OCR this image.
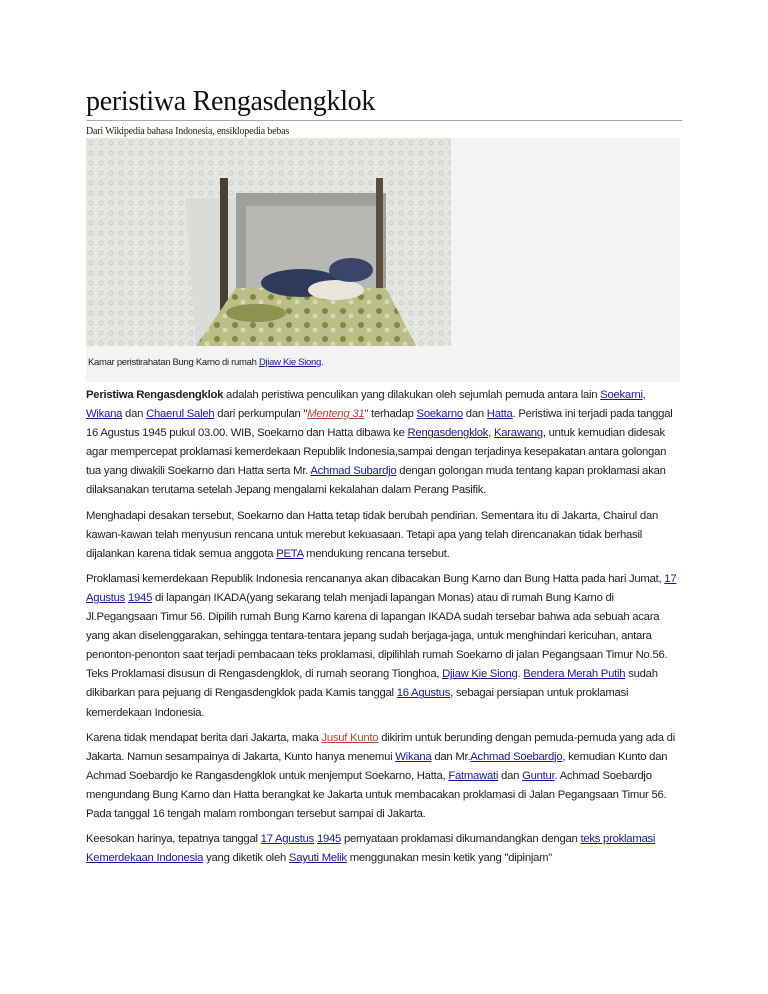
peristiwa Rengasdengklok
Dari Wikipedia bahasa Indonesia, ensiklopedia bebas
Kamar peristirahatan Bung Karno di rumah Djiaw Kie Siong.

Peristiwa Rengasdengklok adalah peristiwa penculikan yang dilakukan oleh sejumlah pemuda antara lain Soekarni, Wikana dan Chaerul Saleh dari perkumpulan "Menteng 31" terhadap Soekarno dan Hatta. Peristiwa ini terjadi pada tanggal 16 Agustus 1945 pukul 03.00. WIB, Soekarno dan Hatta dibawa ke Rengasdengklok, Karawang, untuk kemudian didesak agar mempercepat proklamasi kemerdekaan Republik Indonesia,sampai dengan terjadinya kesepakatan antara golongan tua yang diwakili Soekarno dan Hatta serta Mr. Achmad Subardjo dengan golongan muda tentang kapan proklamasi akan dilaksanakan terutama setelah Jepang mengalami kekalahan dalam Perang Pasifik.

Menghadapi desakan tersebut, Soekarno dan Hatta tetap tidak berubah pendirian. Sementara itu di Jakarta, Chairul dan kawan-kawan telah menyusun rencana untuk merebut kekuasaan. Tetapi apa yang telah direncanakan tidak berhasil dijalankan karena tidak semua anggota PETA mendukung rencana tersebut.

Proklamasi kemerdekaan Republik Indonesia rencananya akan dibacakan Bung Karno dan Bung Hatta pada hari Jumat, 17 Agustus 1945 di lapangan IKADA(yang sekarang telah menjadi lapangan Monas) atau di rumah Bung Karno di Jl.Pegangsaan Timur 56. Dipilih rumah Bung Karno karena di lapangan IKADA sudah tersebar bahwa ada sebuah acara yang akan diselenggarakan, sehingga tentara-tentara jepang sudah berjaga-jaga, untuk menghindari kericuhan, antara penonton-penonton saat terjadi pembacaan teks proklamasi, dipilihlah rumah Soekarno di jalan Pegangsaan Timur No.56. Teks Proklamasi disusun di Rengasdengklok, di rumah seorang Tionghoa, Djiaw Kie Siong. Bendera Merah Putih sudah dikibarkan para pejuang di Rengasdengklok pada Kamis tanggal 16 Agustus, sebagai persiapan untuk proklamasi kemerdekaan Indonesia.

Karena tidak mendapat berita dari Jakarta, maka Jusuf Kunto dikirim untuk berunding dengan pemuda-pemuda yang ada di Jakarta. Namun sesampainya di Jakarta, Kunto hanya menemui Wikana dan Mr.Achmad Soebardjo, kemudian Kunto dan Achmad Soebardjo ke Rangasdengklok untuk menjemput Soekarno, Hatta, Fatmawati dan Guntur. Achmad Soebardjo mengundang Bung Karno dan Hatta berangkat ke Jakarta untuk membacakan proklamasi di Jalan Pegangsaan Timur 56. Pada tanggal 16 tengah malam rombongan tersebut sampai di Jakarta.

Keesokan harinya, tepatnya tanggal 17 Agustus 1945 pernyataan proklamasi dikumandangkan dengan teks proklamasi Kemerdekaan Indonesia yang diketik oleh Sayuti Melik menggunakan mesin ketik yang "dipinjam"
